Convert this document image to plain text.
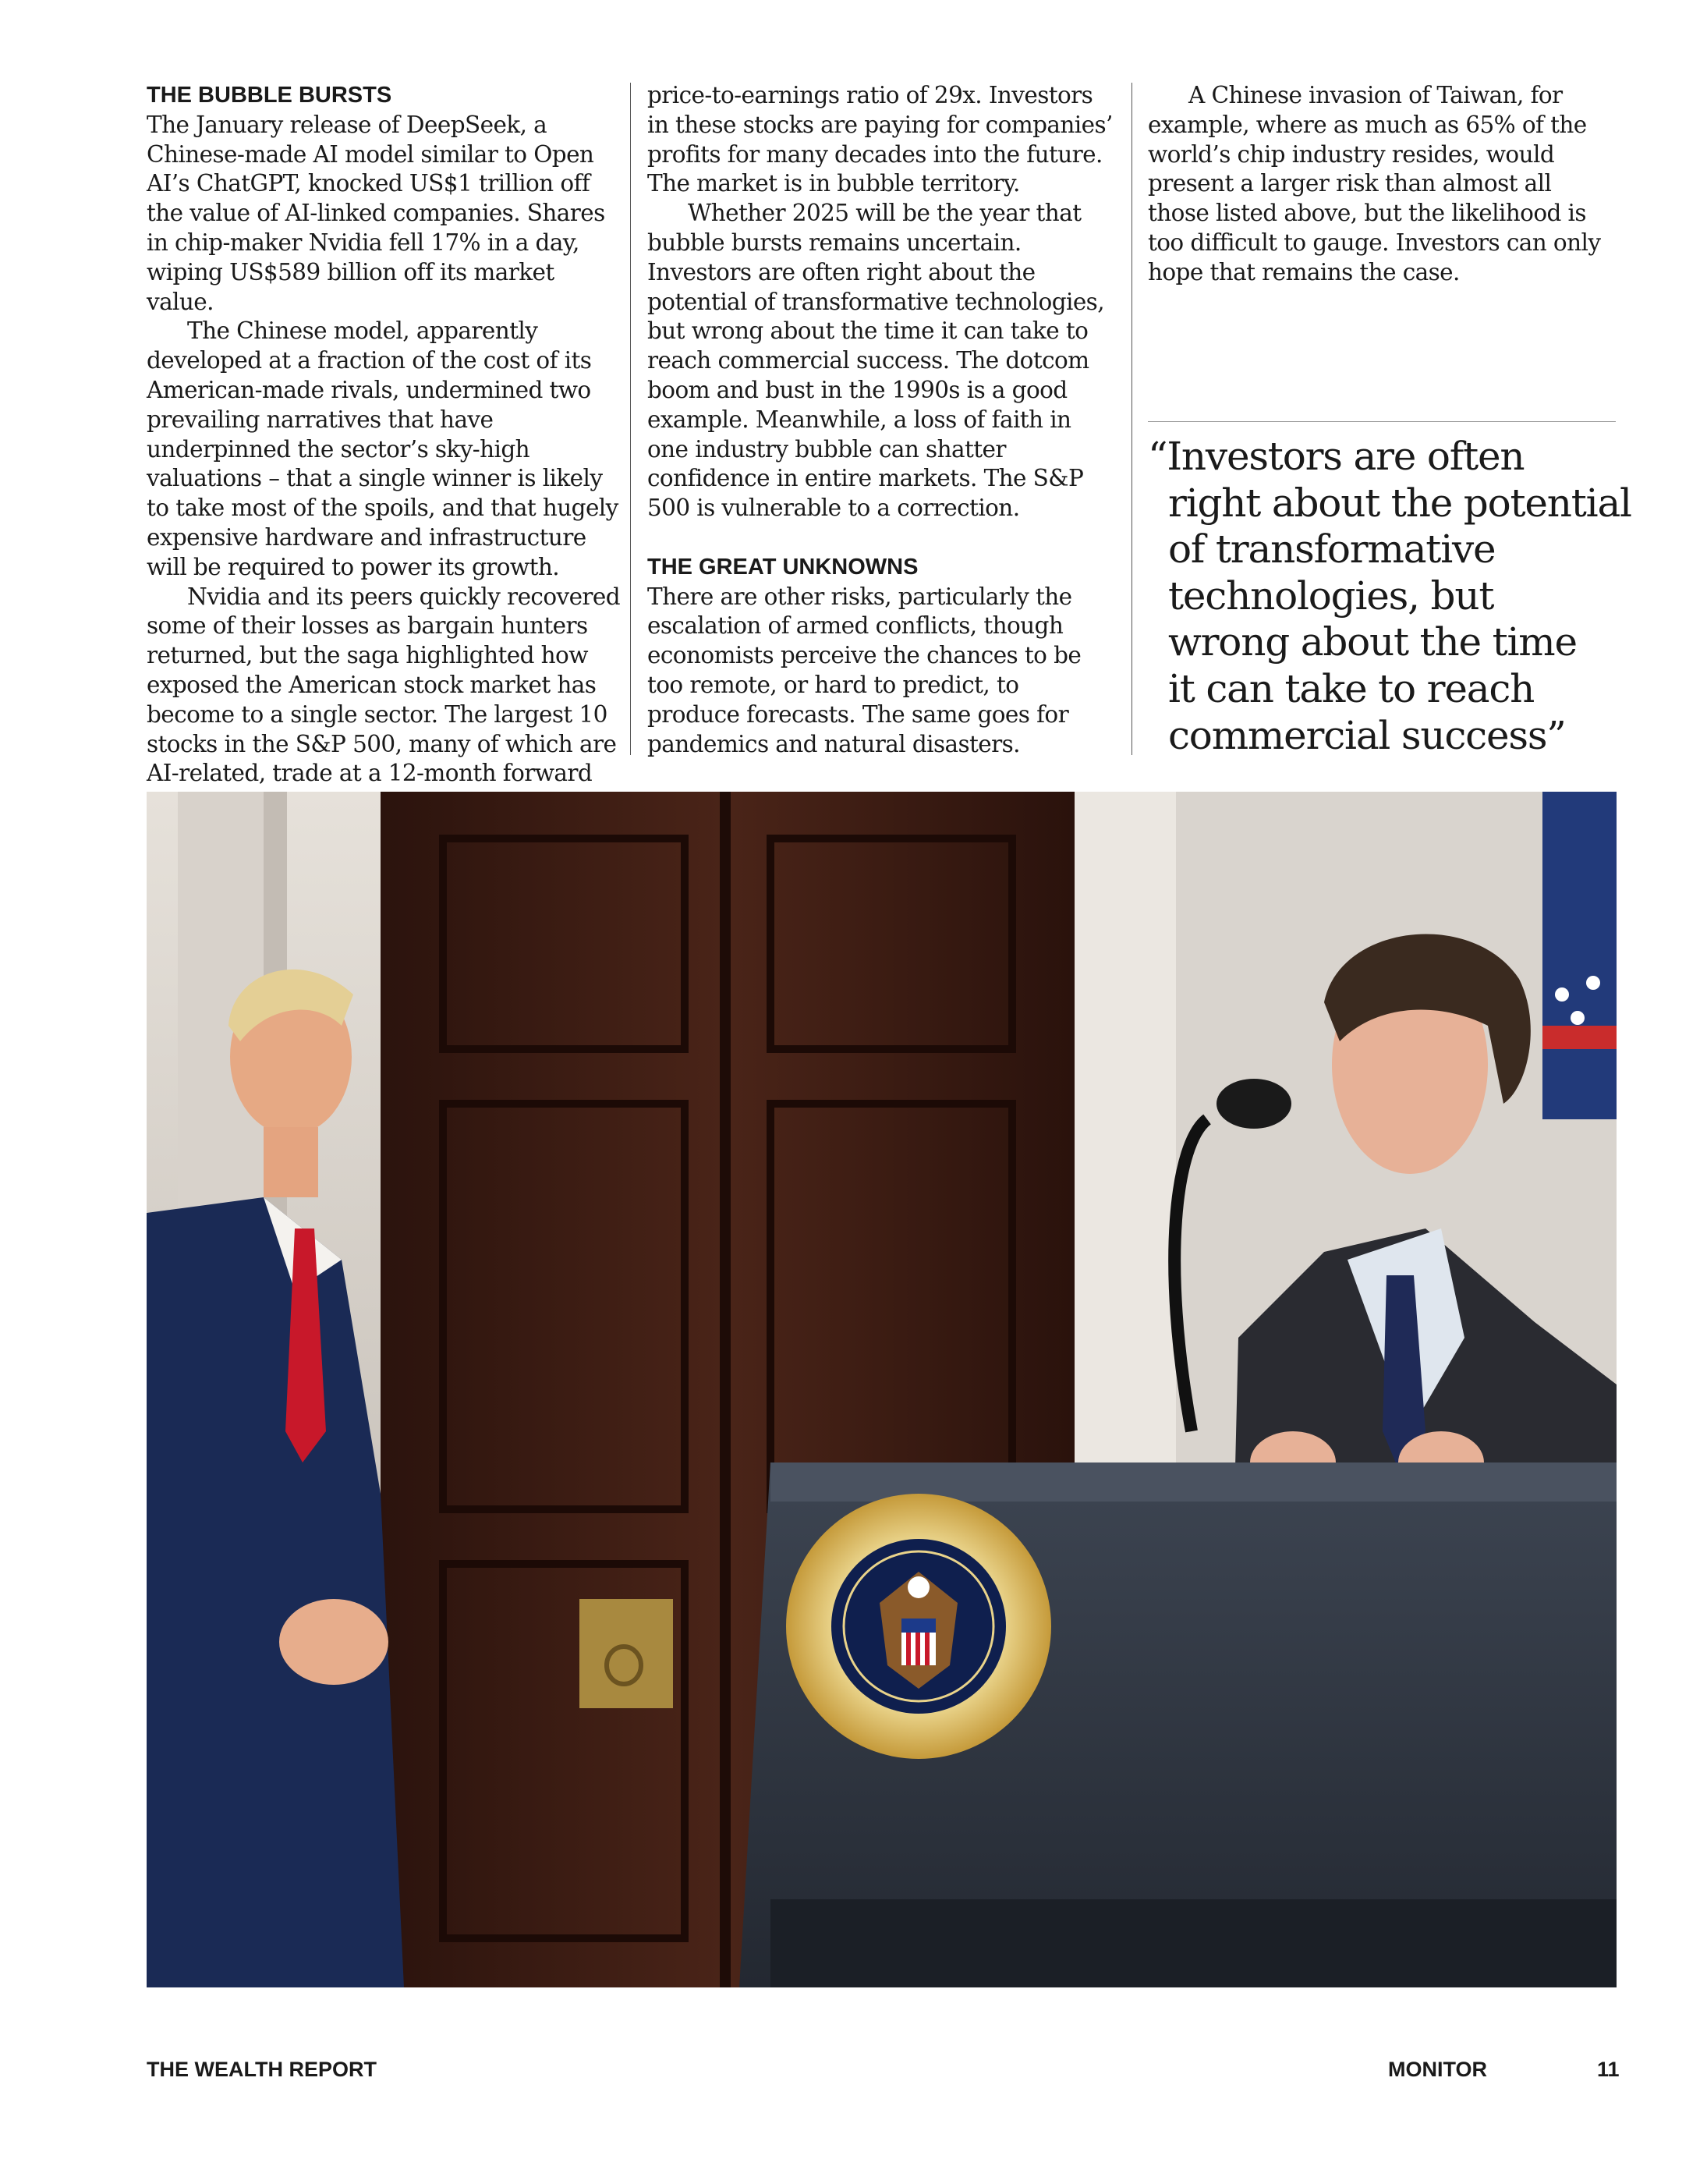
THE BUBBLE BURSTS

The January release of DeepSeek, a Chinese-made AI model similar to Open AI’s ChatGPT, knocked US$1 trillion off the value of AI-linked companies. Shares in chip-maker Nvidia fell 17% in a day, wiping US$589 billion off its market value.

The Chinese model, apparently developed at a fraction of the cost of its American-made rivals, undermined two prevailing narratives that have underpinned the sector’s sky-high valuations – that a single winner is likely to take most of the spoils, and that hugely expensive hardware and infrastructure will be required to power its growth.

Nvidia and its peers quickly recovered some of their losses as bargain hunters returned, but the saga highlighted how exposed the American stock market has become to a single sector. The largest 10 stocks in the S&P 500, many of which are AI-related, trade at a 12-month forward

price-to-earnings ratio of 29x. Investors in these stocks are paying for companies’ profits for many decades into the future. The market is in bubble territory.

Whether 2025 will be the year that bubble bursts remains uncertain. Investors are often right about the potential of transformative technologies, but wrong about the time it can take to reach commercial success. The dotcom boom and bust in the 1990s is a good example. Meanwhile, a loss of faith in one industry bubble can shatter confidence in entire markets. The S&P 500 is vulnerable to a correction.

THE GREAT UNKNOWNS

There are other risks, particularly the escalation of armed conflicts, though economists perceive the chances to be too remote, or hard to predict, to produce forecasts. The same goes for pandemics and natural disasters.

A Chinese invasion of Taiwan, for example, where as much as 65% of the world’s chip industry resides, would present a larger risk than almost all those listed above, but the likelihood is too difficult to gauge. Investors can only hope that remains the case.

“Investors are often
right about the potential
of transformative
technologies, but
wrong about the time
it can take to reach
commercial success”
THE WEALTH REPORT	MONITOR	11
